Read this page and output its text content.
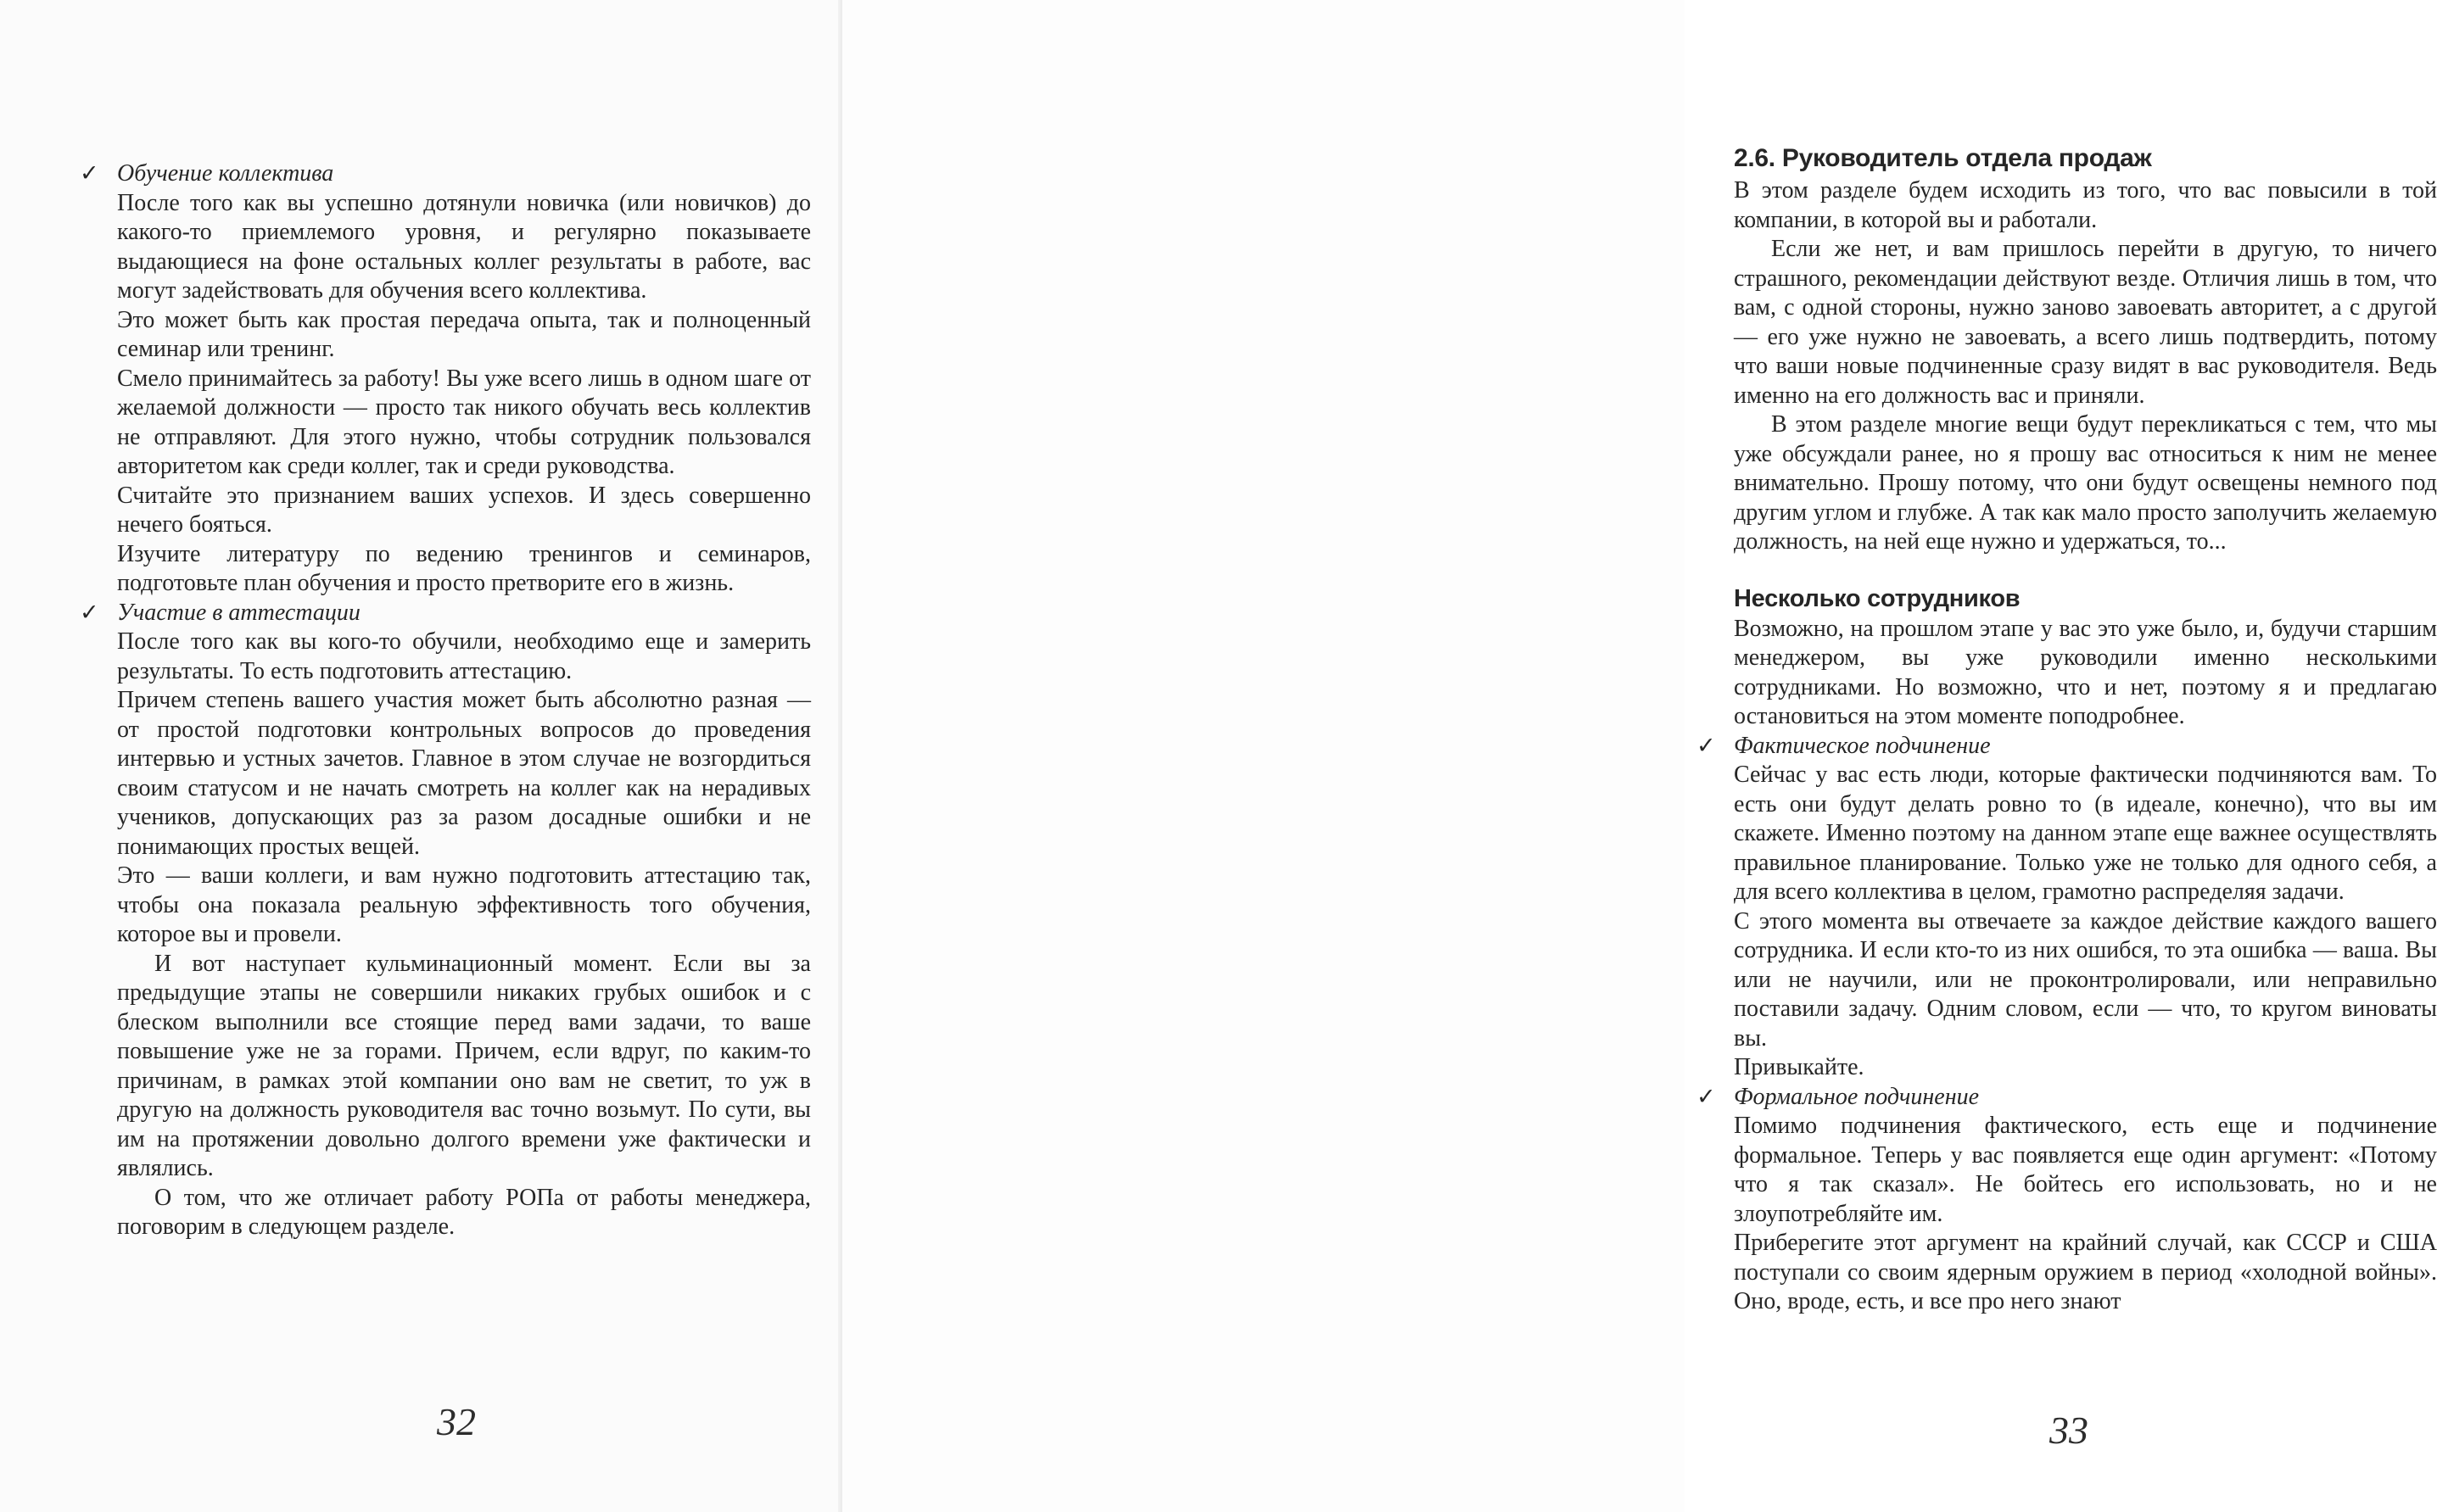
✓ Обучение коллектива

После того как вы успешно дотянули новичка (или новичков) до какого-то приемлемого уровня, и регулярно показываете выдающиеся на фоне остальных коллег результаты в работе, вас могут задействовать для обучения всего коллектива.

Это может быть как простая передача опыта, так и полноценный семинар или тренинг.

Смело принимайтесь за работу! Вы уже всего лишь в одном шаге от желаемой должности — просто так никого обучать весь коллектив не отправляют. Для этого нужно, чтобы сотрудник пользовался авторитетом как среди коллег, так и среди руководства.

Считайте это признанием ваших успехов. И здесь совершенно нечего бояться.

Изучите литературу по ведению тренингов и семинаров, подготовьте план обучения и просто претворите его в жизнь.

✓ Участие в аттестации

После того как вы кого-то обучили, необходимо еще и замерить результаты. То есть подготовить аттестацию.

Причем степень вашего участия может быть абсолютно разная — от простой подготовки контрольных вопросов до проведения интервью и устных зачетов. Главное в этом случае не возгордиться своим статусом и не начать смотреть на коллег как на нерадивых учеников, допускающих раз за разом досадные ошибки и не понимающих простых вещей.

Это — ваши коллеги, и вам нужно подготовить аттестацию так, чтобы она показала реальную эффективность того обучения, которое вы и провели.

И вот наступает кульминационный момент. Если вы за предыдущие этапы не совершили никаких грубых ошибок и с блеском выполнили все стоящие перед вами задачи, то ваше повышение уже не за горами. Причем, если вдруг, по каким-то причинам, в рамках этой компании оно вам не светит, то уж в другую на должность руководителя вас точно возьмут. По сути, вы им на протяжении довольно долгого времени уже фактически и являлись.

О том, что же отличает работу РОПа от работы менеджера, поговорим в следующем разделе.

32
2.6. Руководитель отдела продаж

В этом разделе будем исходить из того, что вас повысили в той компании, в которой вы и работали.

Если же нет, и вам пришлось перейти в другую, то ничего страшного, рекомендации действуют везде. Отличия лишь в том, что вам, с одной стороны, нужно заново завоевать авторитет, а с другой — его уже нужно не завоевать, а всего лишь подтвердить, потому что ваши новые подчиненные сразу видят в вас руководителя. Ведь именно на его должность вас и приняли.

В этом разделе многие вещи будут перекликаться с тем, что мы уже обсуждали ранее, но я прошу вас относиться к ним не менее внимательно. Прошу потому, что они будут освещены немного под другим углом и глубже. А так как мало просто заполучить желаемую должность, на ней еще нужно и удержаться, то...

Несколько сотрудников

Возможно, на прошлом этапе у вас это уже было, и, будучи старшим менеджером, вы уже руководили именно несколькими сотрудниками. Но возможно, что и нет, поэтому я и предлагаю остановиться на этом моменте поподробнее.

✓ Фактическое подчинение

Сейчас у вас есть люди, которые фактически подчиняются вам. То есть они будут делать ровно то (в идеале, конечно), что вы им скажете. Именно поэтому на данном этапе еще важнее осуществлять правильное планирование. Только уже не только для одного себя, а для всего коллектива в целом, грамотно распределяя задачи.

С этого момента вы отвечаете за каждое действие каждого вашего сотрудника. И если кто-то из них ошибся, то эта ошибка — ваша. Вы или не научили, или не проконтролировали, или неправильно поставили задачу. Одним словом, если — что, то кругом виноваты вы.

Привыкайте.

✓ Формальное подчинение

Помимо подчинения фактического, есть еще и подчинение формальное. Теперь у вас появляется еще один аргумент: «Потому что я так сказал». Не бойтесь его использовать, но и не злоупотребляйте им.

Приберегите этот аргумент на крайний случай, как СССР и США поступали со своим ядерным оружием в период «холодной войны». Оно, вроде, есть, и все про него знают

33
